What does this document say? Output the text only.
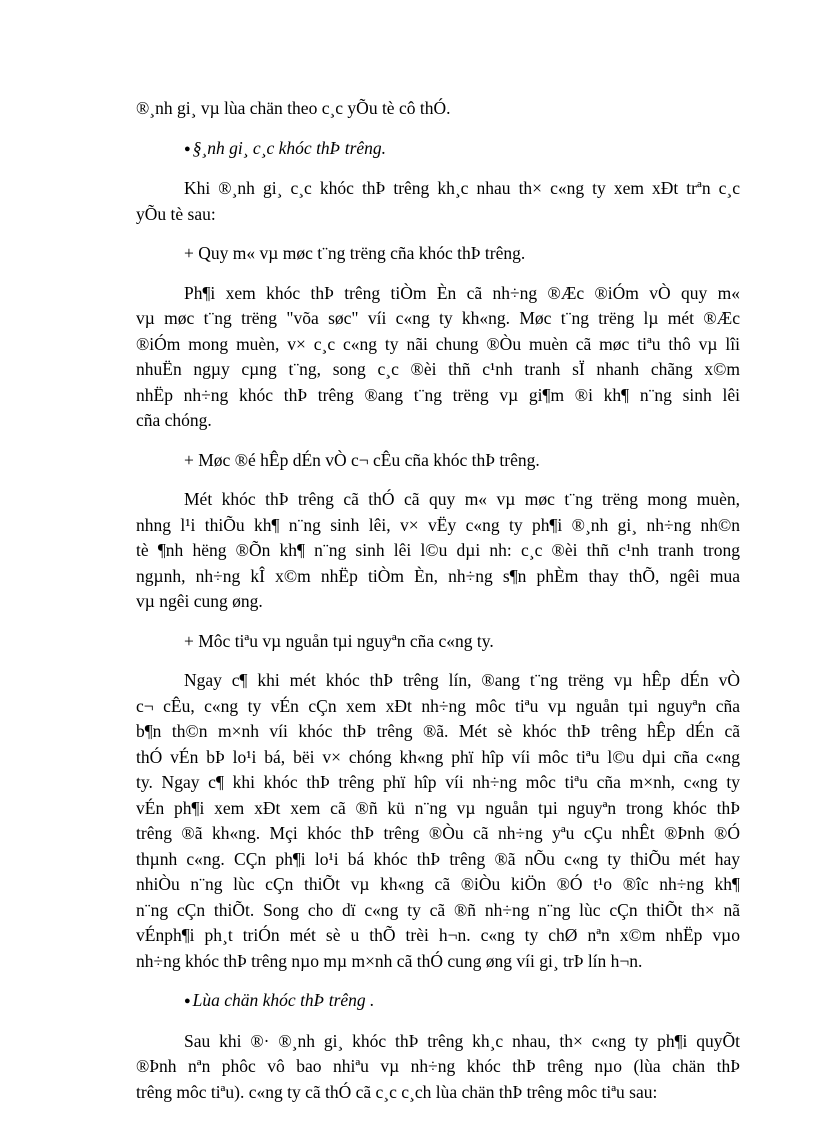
®¸nh gi¸ vµ lùa chän theo c¸c yÕu tè cô thÓ.
● §¸nh gi¸ c¸c khóc thÞ trêng.
Khi ®¸nh gi¸ c¸c khóc thÞ trêng kh¸c nhau th× c«ng ty xem xÐt trªn c¸c
yÕu tè sau:
+ Quy m« vµ møc t¨ng trëng cña khóc thÞ trêng.
Ph¶i xem khóc thÞ trêng tiÒm Èn cã nh÷ng ®Æc ®iÓm vÒ quy m«
vµ møc t¨ng trëng "võa søc" víi c«ng ty kh«ng. Møc t¨ng trëng lµ mét ®Æc
®iÓm mong muèn, v× c¸c c«ng ty nãi chung ®Òu muèn cã møc tiªu thô vµ lîi
nhuËn ngµy cµng t¨ng, song c¸c ®èi thñ c¹nh tranh sÏ nhanh chãng x©m
nhËp nh÷ng khóc thÞ trêng ®ang t¨ng trëng vµ gi¶m ®i kh¶ n¨ng sinh lêi
cña chóng.
+ Møc ®é hÊp dÉn vÒ c¬ cÊu cña khóc thÞ trêng.
Mét khóc thÞ trêng cã thÓ cã quy m« vµ møc t¨ng trëng mong muèn,
nhng l¹i thiÕu kh¶ n¨ng sinh lêi, v× vËy c«ng ty ph¶i ®¸nh gi¸ nh÷ng nh©n
tè ¶nh hëng ®Õn kh¶ n¨ng sinh lêi l©u dµi nh: c¸c ®èi thñ c¹nh tranh trong
ngµnh, nh÷ng kÎ x©m nhËp tiÒm Èn, nh÷ng s¶n phÈm thay thÕ, ngêi mua
vµ ngêi cung øng.
+ Môc tiªu vµ nguån tµi nguyªn cña c«ng ty.
Ngay c¶ khi mét khóc thÞ trêng lín, ®ang t¨ng trëng vµ hÊp dÉn vÒ
c¬ cÊu, c«ng ty vÉn cÇn xem xÐt nh÷ng môc tiªu vµ nguån tµi nguyªn cña
b¶n th©n m×nh víi khóc thÞ trêng ®ã. Mét sè khóc thÞ trêng hÊp dÉn cã
thÓ vÉn bÞ lo¹i bá, bëi v× chóng kh«ng phï hîp víi môc tiªu l©u dµi cña c«ng
ty. Ngay c¶ khi khóc thÞ trêng phï hîp víi nh÷ng môc tiªu cña m×nh, c«ng ty
vÉn ph¶i xem xÐt xem cã ®ñ kü n¨ng vµ nguån tµi nguyªn trong khóc thÞ
trêng ®ã kh«ng. Mçi khóc thÞ trêng ®Òu cã nh÷ng yªu cÇu nhÊt ®Þnh ®Ó
thµnh c«ng. CÇn ph¶i lo¹i bá khóc thÞ trêng ®ã nÕu c«ng ty thiÕu mét hay
nhiÒu n¨ng lùc cÇn thiÕt vµ kh«ng cã ®iÒu kiÖn ®Ó t¹o ®îc nh÷ng kh¶
n¨ng cÇn thiÕt. Song cho dï c«ng ty cã ®ñ nh÷ng n¨ng lùc cÇn thiÕt th× nã
vÉnph¶i ph¸t triÓn mét sè u thÕ trèi h¬n. c«ng ty chØ nªn x©m nhËp vµo
nh÷ng khóc thÞ trêng nµo mµ m×nh cã thÓ cung øng víi gi¸ trÞ lín h¬n.
● Lùa chän khóc thÞ trêng .
Sau khi ®· ®¸nh gi¸ khóc thÞ trêng kh¸c nhau, th× c«ng ty ph¶i quyÕt
®Þnh nªn phôc vô bao nhiªu vµ nh÷ng khóc thÞ trêng nµo (lùa chän thÞ
trêng môc tiªu). c«ng ty cã thÓ cã c¸c c¸ch lùa chän thÞ trêng môc tiªu sau:
